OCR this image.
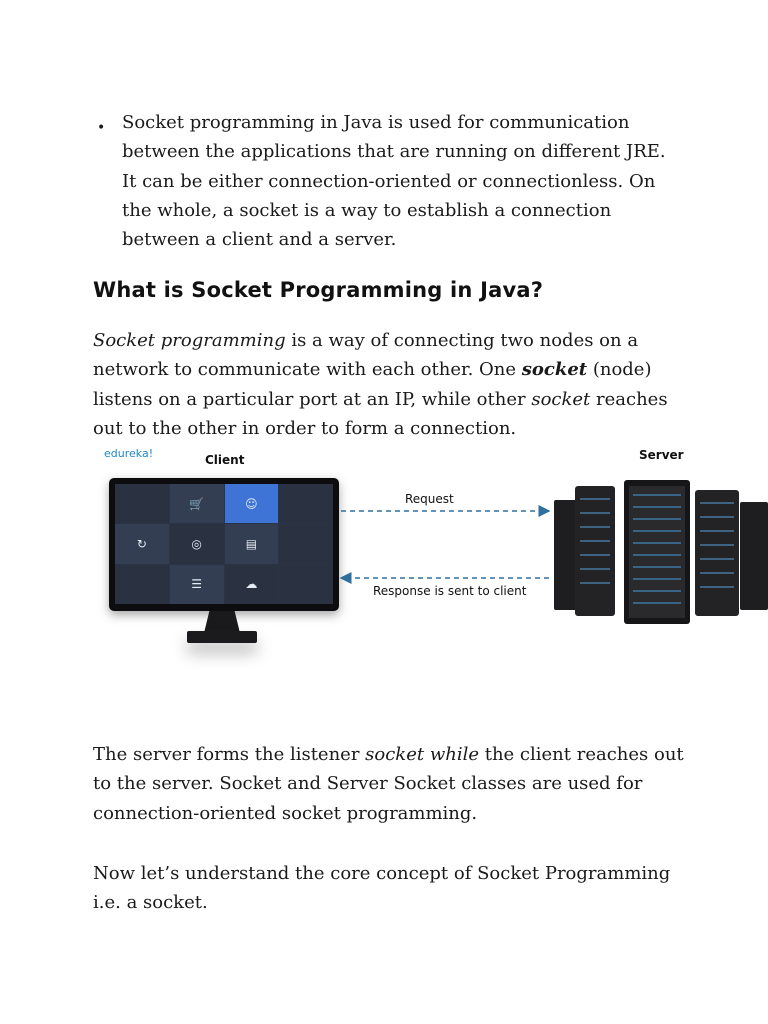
• Socket programming in Java is used for communication between the applications that are running on different JRE. It can be either connection-oriented or connectionless. On the whole, a socket is a way to establish a connection between a client and a server.

What is Socket Programming in Java?

Socket programming is a way of connecting two nodes on a network to communicate with each other. One socket (node) listens on a particular port at an IP, while other socket reaches out to the other in order to form a connection.

edureka!	Client	Server
🛒	☺
↻	◎	▤
☰	☁
Request
Response is sent to client

The server forms the listener socket while the client reaches out to the server. Socket and Server Socket classes are used for connection-oriented socket programming.

Now let’s understand the core concept of Socket Programming i.e. a socket.
